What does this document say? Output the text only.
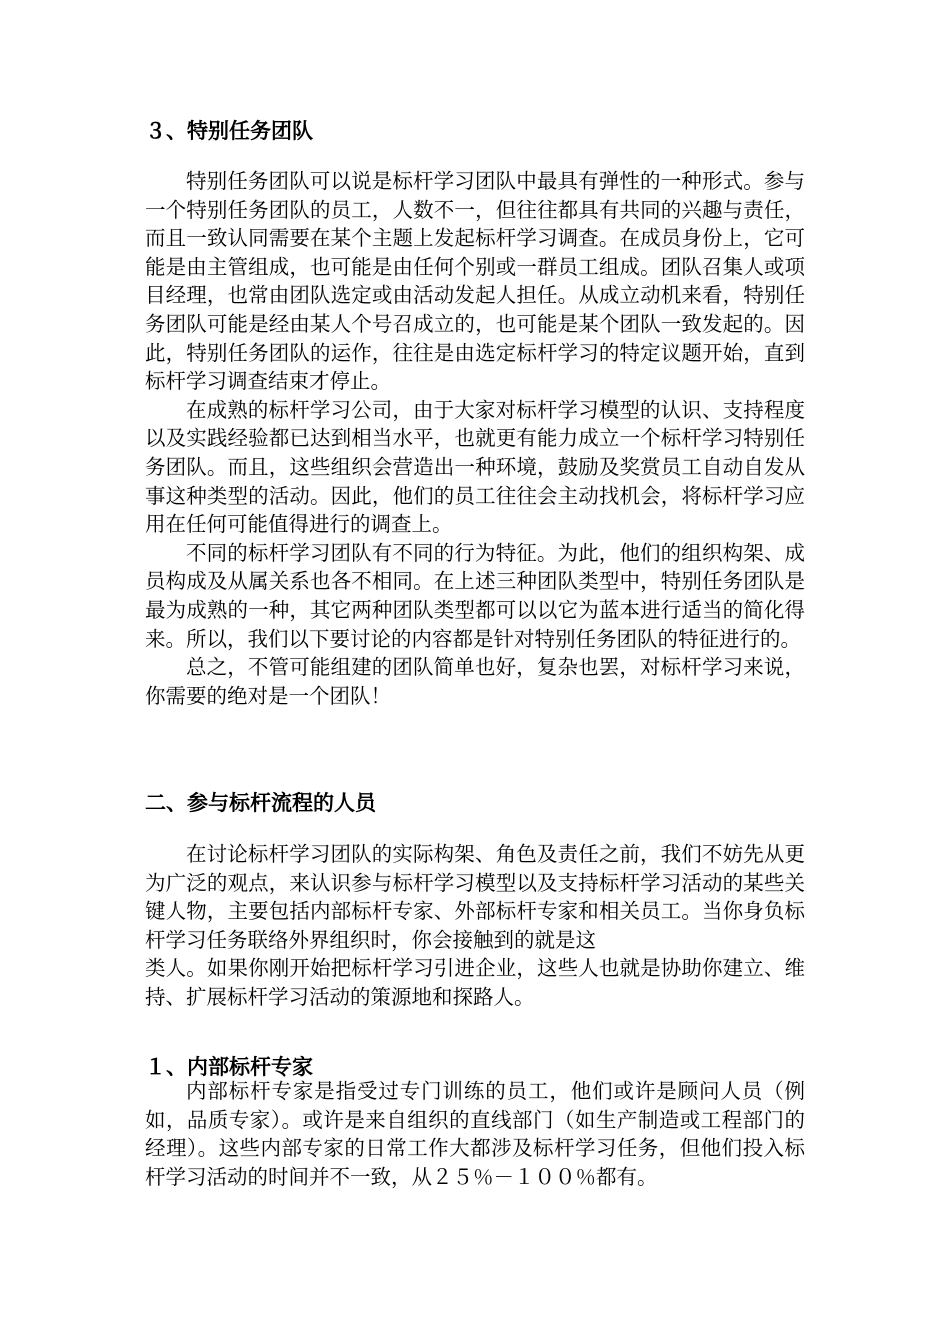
３、特别任务团队

特别任务团队可以说是标杆学习团队中最具有弹性的一种形式。参与一个特别任务团队的员工，人数不一，但往往都具有共同的兴趣与责任，而且一致认同需要在某个主题上发起标杆学习调查。在成员身份上，它可能是由主管组成，也可能是由任何个别或一群员工组成。团队召集人或项目经理，也常由团队选定或由活动发起人担任。从成立动机来看，特别任务团队可能是经由某人个号召成立的，也可能是某个团队一致发起的。因此，特别任务团队的运作，往往是由选定标杆学习的特定议题开始，直到标杆学习调查结束才停止。

在成熟的标杆学习公司，由于大家对标杆学习模型的认识、支持程度以及实践经验都已达到相当水平，也就更有能力成立一个标杆学习特别任务团队。而且，这些组织会营造出一种环境，鼓励及奖赏员工自动自发从事这种类型的活动。因此，他们的员工往往会主动找机会，将标杆学习应用在任何可能值得进行的调查上。

不同的标杆学习团队有不同的行为特征。为此，他们的组织构架、成员构成及从属关系也各不相同。在上述三种团队类型中，特别任务团队是最为成熟的一种，其它两种团队类型都可以以它为蓝本进行适当的简化得来。所以，我们以下要讨论的内容都是针对特别任务团队的特征进行的。

总之，不管可能组建的团队简单也好，复杂也罢，对标杆学习来说，你需要的绝对是一个团队！

二、参与标杆流程的人员

在讨论标杆学习团队的实际构架、角色及责任之前，我们不妨先从更为广泛的观点，来认识参与标杆学习模型以及支持标杆学习活动的某些关键人物，主要包括内部标杆专家、外部标杆专家和相关员工。当你身负标杆学习任务联络外界组织时，你会接触到的就是这

类人。如果你刚开始把标杆学习引进企业，这些人也就是协助你建立、维持、扩展标杆学习活动的策源地和探路人。

１、内部标杆专家

内部标杆专家是指受过专门训练的员工，他们或许是顾问人员（例如，品质专家）。或许是来自组织的直线部门（如生产制造或工程部门的经理）。这些内部专家的日常工作大都涉及标杆学习任务，但他们投入标杆学习活动的时间并不一致，从２５％－１００％都有。
